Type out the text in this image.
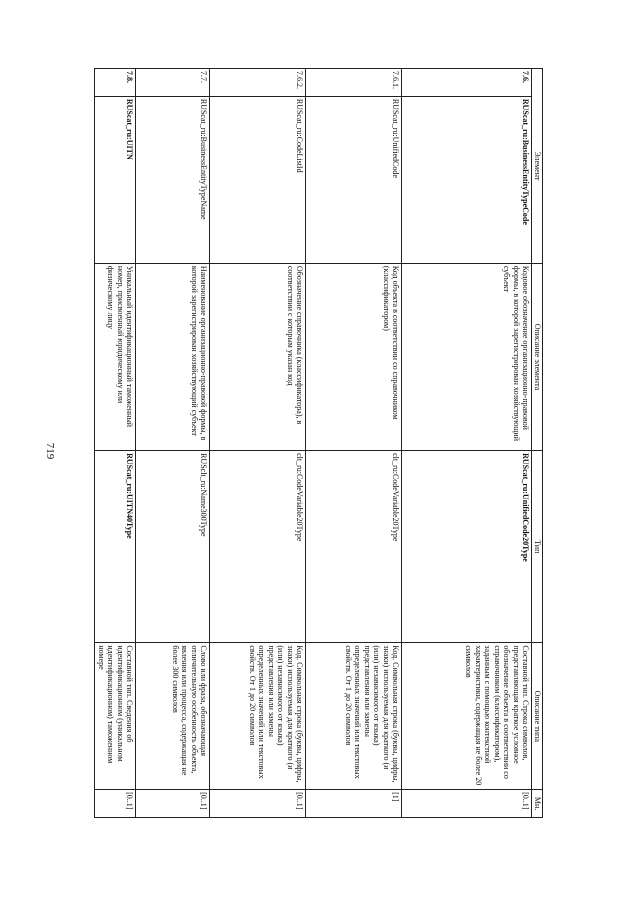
719
Элемент		Описание элемента	Тип	Описание типа	Мн.
7.6.	RUScat_ru:BusinessEntityTypeCode	Кодовое обозначение организационно-правовой формы, в которой зарегистрирован хозяйствующий субъект	RUScat_ru:UnifiedCode20Type	Составной тип. Строка символов, представляющая краткое условное обозначение объекта в соответствии со справочником (классификатором), заданным с помощью контекстной характеристики, содержащая не более 20 символов	[0..1]
7.6.1.	RUScat_ru:UnifiedCode	Код объекта в соответствии со справочником (классификатором)	clt_ru:CodeVariable20Type	Код. Символьная строка (буквы, цифры, знаки) используемая для краткого (и (или) независимого от языка) представления или замены определенных значений или текстовых свойств. От 1 до 20 символов	[1]
7.6.2.	RUScat_ru:CodeListId	Обозначение справочника (классификатора), в соответствии с которым указан код	clt_ru:CodeVariable20Type	Код. Символьная строка (буквы, цифры, знаки) используемая для краткого (и (или) независимого от языка) представления или замены определенных значений или текстовых свойств. От 1 до 20 символов	[0..1]
7.7.	RUScat_ru:BusinessEntityTypeName	Наименование организационно-правовой формы, в которой зарегистрирован хозяйствующий субъект	RUSclt_ru:Name300Type	Слово или фраза, обозначающая отличительную особенность объекта, явления или процесса, содержащая не более 300 символов	[0..1]
7.8.	RUScat_ru:UITN	Уникальный идентификационный таможенный номер, присвоенный юридическому или физическому лицу	RUScat_ru:UITN40Type	Составной тип. Сведения об идентификационном (уникальном идентификационном) таможенном номере	[0..1]
